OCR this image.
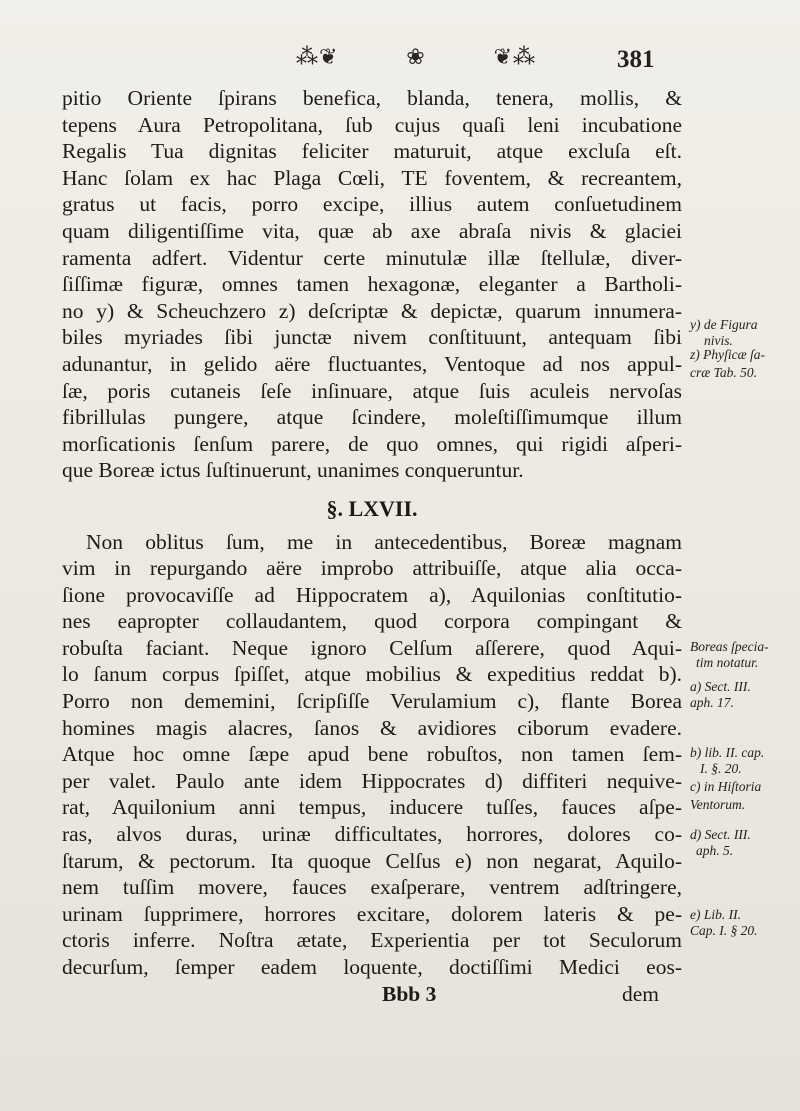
⁂❦	❀	❦⁂	381
pitio Oriente ſpirans benefica, blanda, tenera, mollis, &
tepens Aura Petropolitana, ſub cujus quaſi leni incubatione
Regalis Tua dignitas feliciter maturuit, atque excluſa eſt.
Hanc ſolam ex hac Plaga Cœli, TE foventem, & recreantem,
gratus ut facis, porro excipe, illius autem conſuetudinem
quam diligentiſſime vita, quæ ab axe abraſa nivis & glaciei
ramenta adfert. Videntur certe minutulæ illæ ſtellulæ, diver-
ſiſſimæ figuræ, omnes tamen hexagonæ, eleganter a Bartholi-
no y) & Scheuchzero z) deſcriptæ & depictæ, quarum innumera-
biles myriades ſibi junctæ nivem conſtituunt, antequam ſibi
adunantur, in gelido aëre fluctuantes, Ventoque ad nos appul-
ſæ, poris cutaneis ſeſe inſinuare, atque ſuis aculeis nervoſas
fibrillulas pungere, atque ſcindere, moleſtiſſimumque illum
morſicationis ſenſum parere, de quo omnes, qui rigidi aſperi-
que Boreæ ictus ſuſtinuerunt, unanimes conqueruntur.
§. LXVII.
Non oblitus ſum, me in antecedentibus, Boreæ magnam
vim in repurgando aëre improbo attribuiſſe, atque alia occa-
ſione provocaviſſe ad Hippocratem a), Aquilonias conſtitutio-
nes eapropter collaudantem, quod corpora compingant &
robuſta faciant. Neque ignoro Celſum aſſerere, quod Aqui-
lo ſanum corpus ſpiſſet, atque mobilius & expeditius reddat b).
Porro non dememini, ſcripſiſſe Verulamium c), flante Borea
homines magis alacres, ſanos & avidiores ciborum evadere.
Atque hoc omne ſæpe apud bene robuſtos, non tamen ſem-
per valet. Paulo ante idem Hippocrates d) diffiteri nequive-
rat, Aquilonium anni tempus, inducere tuſſes, fauces aſpe-
ras, alvos duras, urinæ difficultates, horrores, dolores co-
ſtarum, & pectorum. Ita quoque Celſus e) non negarat, Aquilo-
nem tuſſim movere, fauces exaſperare, ventrem adſtringere,
urinam ſupprimere, horrores excitare, dolorem lateris & pe-
ctoris inferre. Noſtra ætate, Experientia per tot Seculorum
decurſum, ſemper eadem loquente, doctiſſimi Medici eos-
Bbb 3	dem
y) de Figura
nivis.
z) Phyſicæ ſa-
cræ Tab. 50.
Boreas ſpecia-
tim notatur.
a) Sect. III.
aph. 17.
b) lib. II. cap.
I. §. 20.
c) in Hiſtoria
Ventorum.
d) Sect. III.
aph. 5.
e) Lib. II.
Cap. I. § 20.
